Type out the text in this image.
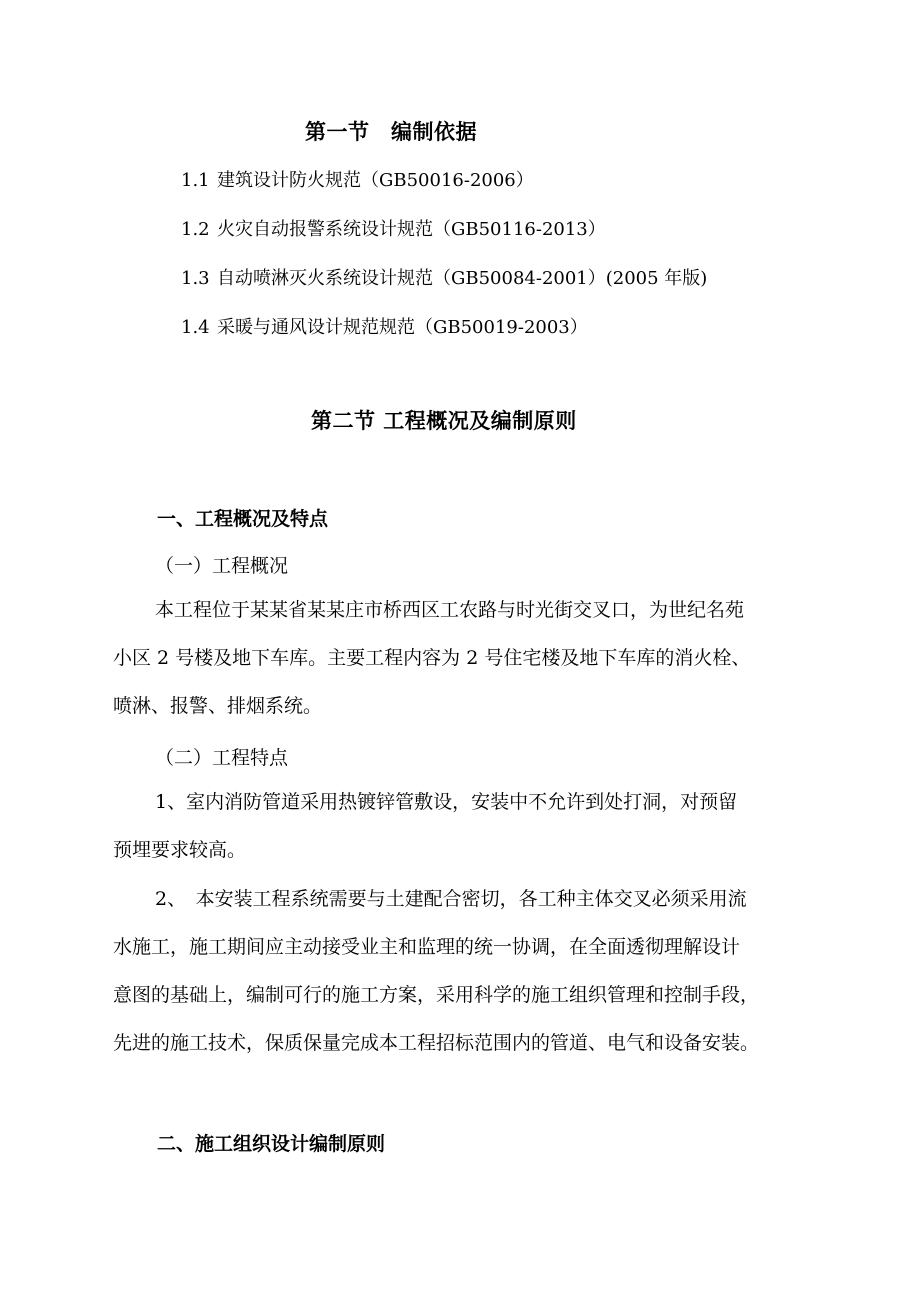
第一节　编制依据
1.1 建筑设计防火规范（GB50016-2006）
1.2 火灾自动报警系统设计规范（GB50116-2013）
1.3 自动喷淋灭火系统设计规范（GB50084-2001）(2005 年版)
1.4 采暖与通风设计规范规范（GB50019-2003）
第二节 工程概况及编制原则
一、工程概况及特点
（一）工程概况
本工程位于某某省某某庄市桥西区工农路与时光街交叉口，为世纪名苑
小区 2 号楼及地下车库。主要工程内容为 2 号住宅楼及地下车库的消火栓、
喷淋、报警、排烟系统。
（二）工程特点
1、室内消防管道采用热镀锌管敷设，安装中不允许到处打洞，对预留
预埋要求较高。
2、　本安装工程系统需要与土建配合密切，各工种主体交叉必须采用流
水施工，施工期间应主动接受业主和监理的统一协调，在全面透彻理解设计
意图的基础上，编制可行的施工方案，采用科学的施工组织管理和控制手段，
先进的施工技术，保质保量完成本工程招标范围内的管道、电气和设备安装。
二、施工组织设计编制原则
